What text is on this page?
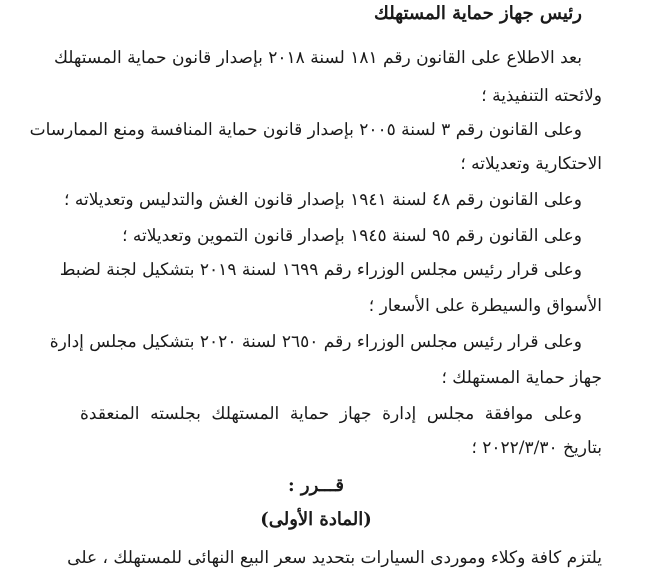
رئيس جهاز حماية المستهلك
بعد الاطلاع على القانون رقم ١٨١ لسنة ٢٠١٨ بإصدار قانون حماية المستهلك
ولائحته التنفيذية ؛
وعلى القانون رقم ٣ لسنة ٢٠٠٥ بإصدار قانون حماية المنافسة ومنع الممارسات
الاحتكارية وتعديلاته ؛
وعلى القانون رقم ٤٨ لسنة ١٩٤١ بإصدار قانون الغش والتدليس وتعديلاته ؛
وعلى القانون رقم ٩٥ لسنة ١٩٤٥ بإصدار قانون التموين وتعديلاته ؛
وعلى قرار رئيس مجلس الوزراء رقم ١٦٩٩ لسنة ٢٠١٩ بتشكيل لجنة لضبط
الأسواق والسيطرة على الأسعار ؛
وعلى قرار رئيس مجلس الوزراء رقم ٢٦٥٠ لسنة ٢٠٢٠ بتشكيل مجلس إدارة
جهاز حماية المستهلك ؛
وعلى موافقة مجلس إدارة جهاز حماية المستهلك بجلسته المنعقدة
بتاريخ ٢٠٢٢/٣/٣٠ ؛
قـــرر :
(المادة الأولى)
يلتزم كافة وكلاء وموردى السيارات بتحديد سعر البيع النهائى للمستهلك ، على
